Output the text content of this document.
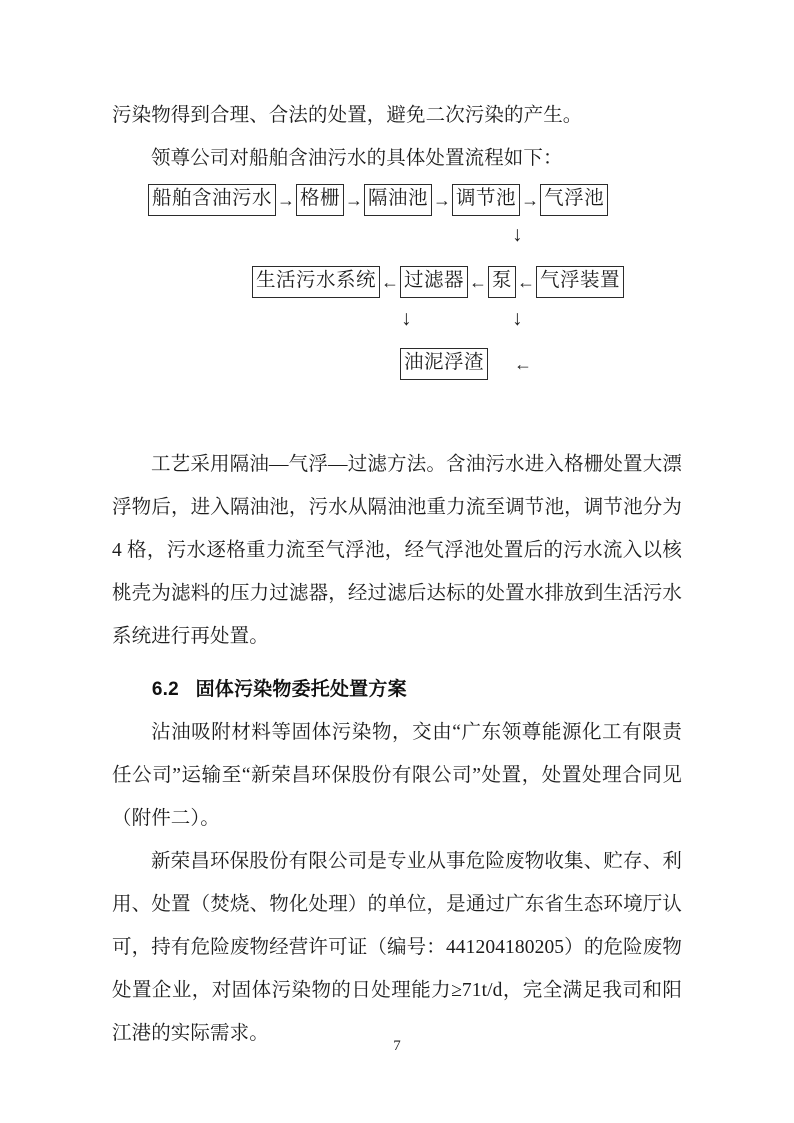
污染物得到合理、合法的处置，避免二次污染的产生。

领尊公司对船舶含油污水的具体处置流程如下：

船舶含油污水 → 格栅 → 隔油池 → 调节池 → 气浮池
↓
生活污水系统 ← 过滤器 ← 泵 ← 气浮装置
↓	↓
油泥浮渣	←

工艺采用隔油—气浮—过滤方法。含油污水进入格栅处置大漂浮物后，进入隔油池，污水从隔油池重力流至调节池，调节池分为 4 格，污水逐格重力流至气浮池，经气浮池处置后的污水流入以核桃壳为滤料的压力过滤器，经过滤后达标的处置水排放到生活污水系统进行再处置。

6.2 固体污染物委托处置方案

沾油吸附材料等固体污染物，交由“广东领尊能源化工有限责任公司”运输至“新荣昌环保股份有限公司”处置，处置处理合同见（附件二）。

新荣昌环保股份有限公司是专业从事危险废物收集、贮存、利用、处置（焚烧、物化处理）的单位，是通过广东省生态环境厅认可，持有危险废物经营许可证（编号：441204180205）的危险废物处置企业，对固体污染物的日处理能力≥71t/d，完全满足我司和阳江港的实际需求。

7
